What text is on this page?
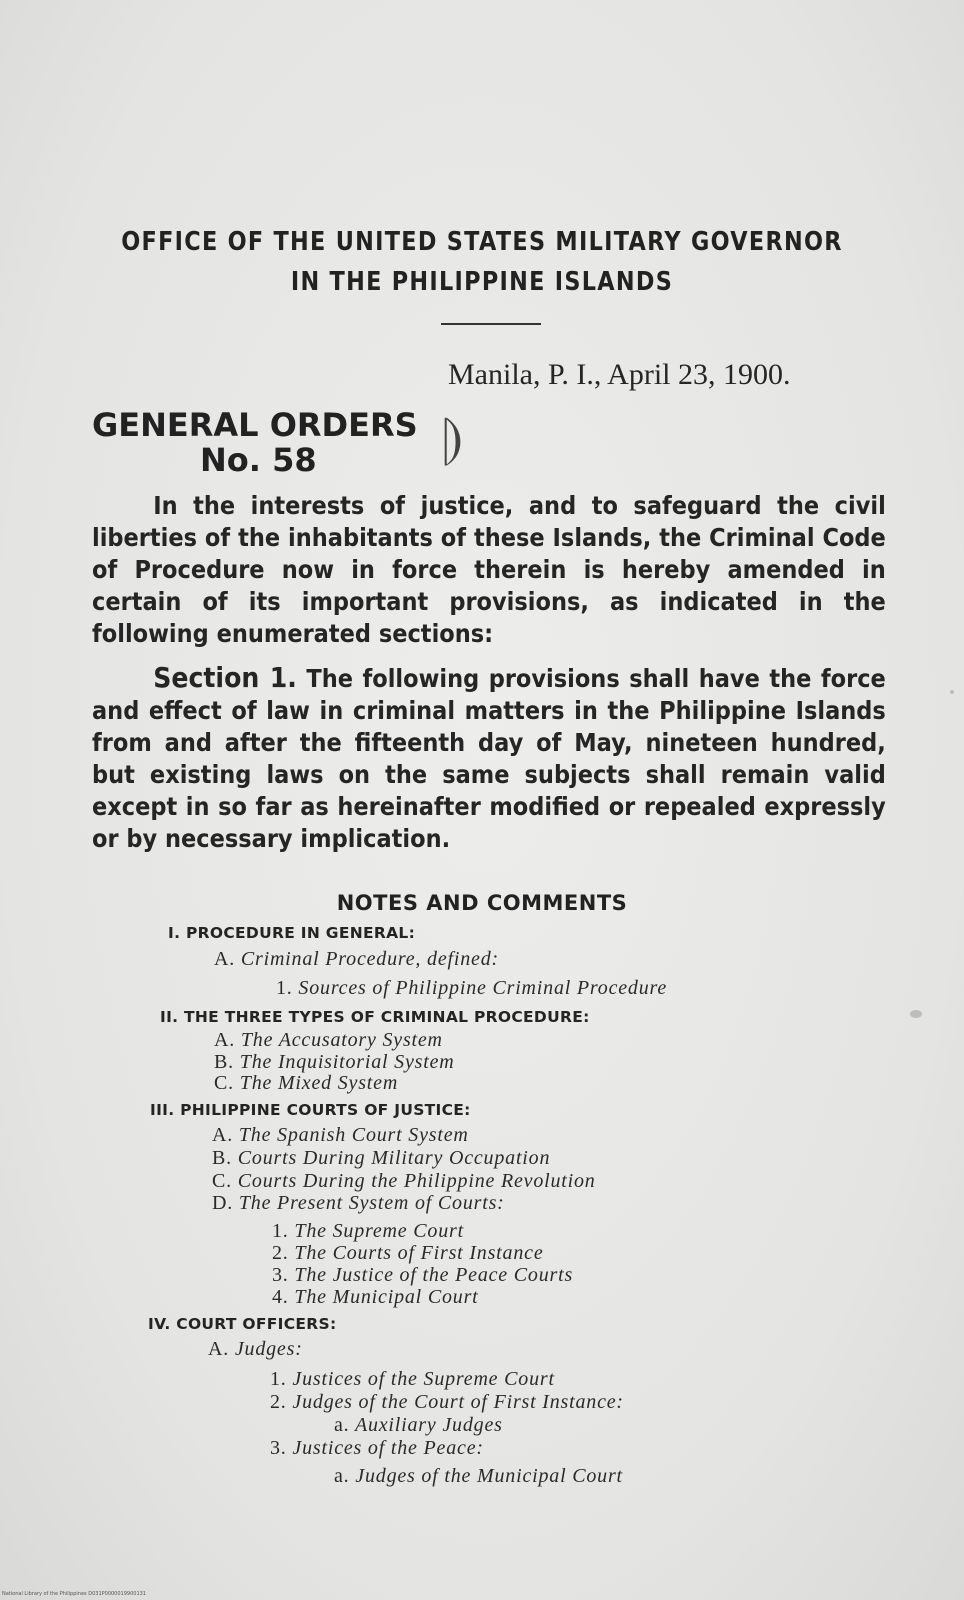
OFFICE OF THE UNITED STATES MILITARY GOVERNOR
IN THE PHILIPPINE ISLANDS
Manila, P. I., April 23, 1900.
GENERAL ORDERS
No. 58 ⦈

In the interests of justice, and to safeguard the civil liberties of the inhabitants of these Islands, the Criminal Code of Procedure now in force therein is hereby amended in certain of its important provisions, as indicated in the following enumerated sections:

Section 1. The following provisions shall have the force and effect of law in criminal matters in the Philippine Islands from and after the fifteenth day of May, nineteen hundred, but existing laws on the same subjects shall remain valid except in so far as hereinafter modified or repealed expressly or by necessary implication.

NOTES AND COMMENTS
I. PROCEDURE IN GENERAL:
A. Criminal Procedure, defined:
1. Sources of Philippine Criminal Procedure
II. THE THREE TYPES OF CRIMINAL PROCEDURE:
A. The Accusatory System
B. The Inquisitorial System
C. The Mixed System
III. PHILIPPINE COURTS OF JUSTICE:
A. The Spanish Court System
B. Courts During Military Occupation
C. Courts During the Philippine Revolution
D. The Present System of Courts:
1. The Supreme Court
2. The Courts of First Instance
3. The Justice of the Peace Courts
4. The Municipal Court
IV. COURT OFFICERS:
A. Judges:
1. Justices of the Supreme Court
2. Judges of the Court of First Instance:
a. Auxiliary Judges
3. Justices of the Peace:
a. Judges of the Municipal Court
National Library of the Philippines D031P0000019900131
